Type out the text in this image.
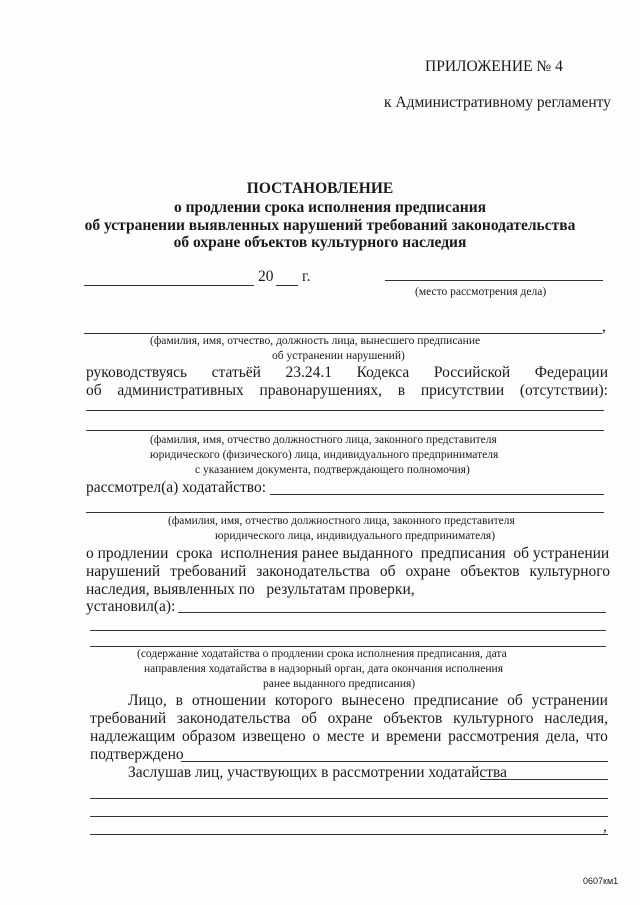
ПРИЛОЖЕНИЕ № 4
к Административному регламенту
ПОСТАНОВЛЕНИЕ
о продлении срока исполнения предписания
об устранении выявленных нарушений требований законодательства
об охране объектов культурного наследия
20 г.
(место рассмотрения дела)
,
(фамилия, имя, отчество, должность лица, вынесшего предписание
об устранении нарушений)
руководствуясь статьёй 23.24.1 Кодекса Российской Федерации
об административных правонарушениях, в присутствии (отсутствии):
(фамилия, имя, отчество должностного лица, законного представителя
юридического (физического) лица, индивидуального предпринимателя
с указанием документа, подтверждающего полномочия)
рассмотрел(а) ходатайство:
(фамилия, имя, отчество должностного лица, законного представителя
юридического лица, индивидуального предпринимателя)
о продлении  срока  исполнения ранее выданного  предписания  об устранении
нарушений требований законодательства об охране объектов культурного
наследия, выявленных по   результатам проверки,
установил(а):
(содержание ходатайства о продлении срока исполнения предписания, дата
направления ходатайства в надзорный орган, дата окончания исполнения
ранее выданного предписания)
Лицо, в отношении которого вынесено предписание об устранении
требований законодательства об охране объектов культурного наследия,
надлежащим образом извещено о месте и времени рассмотрения дела, что
подтверждено
Заслушав лиц, участвующих в рассмотрении ходатайства
,
0607км1
